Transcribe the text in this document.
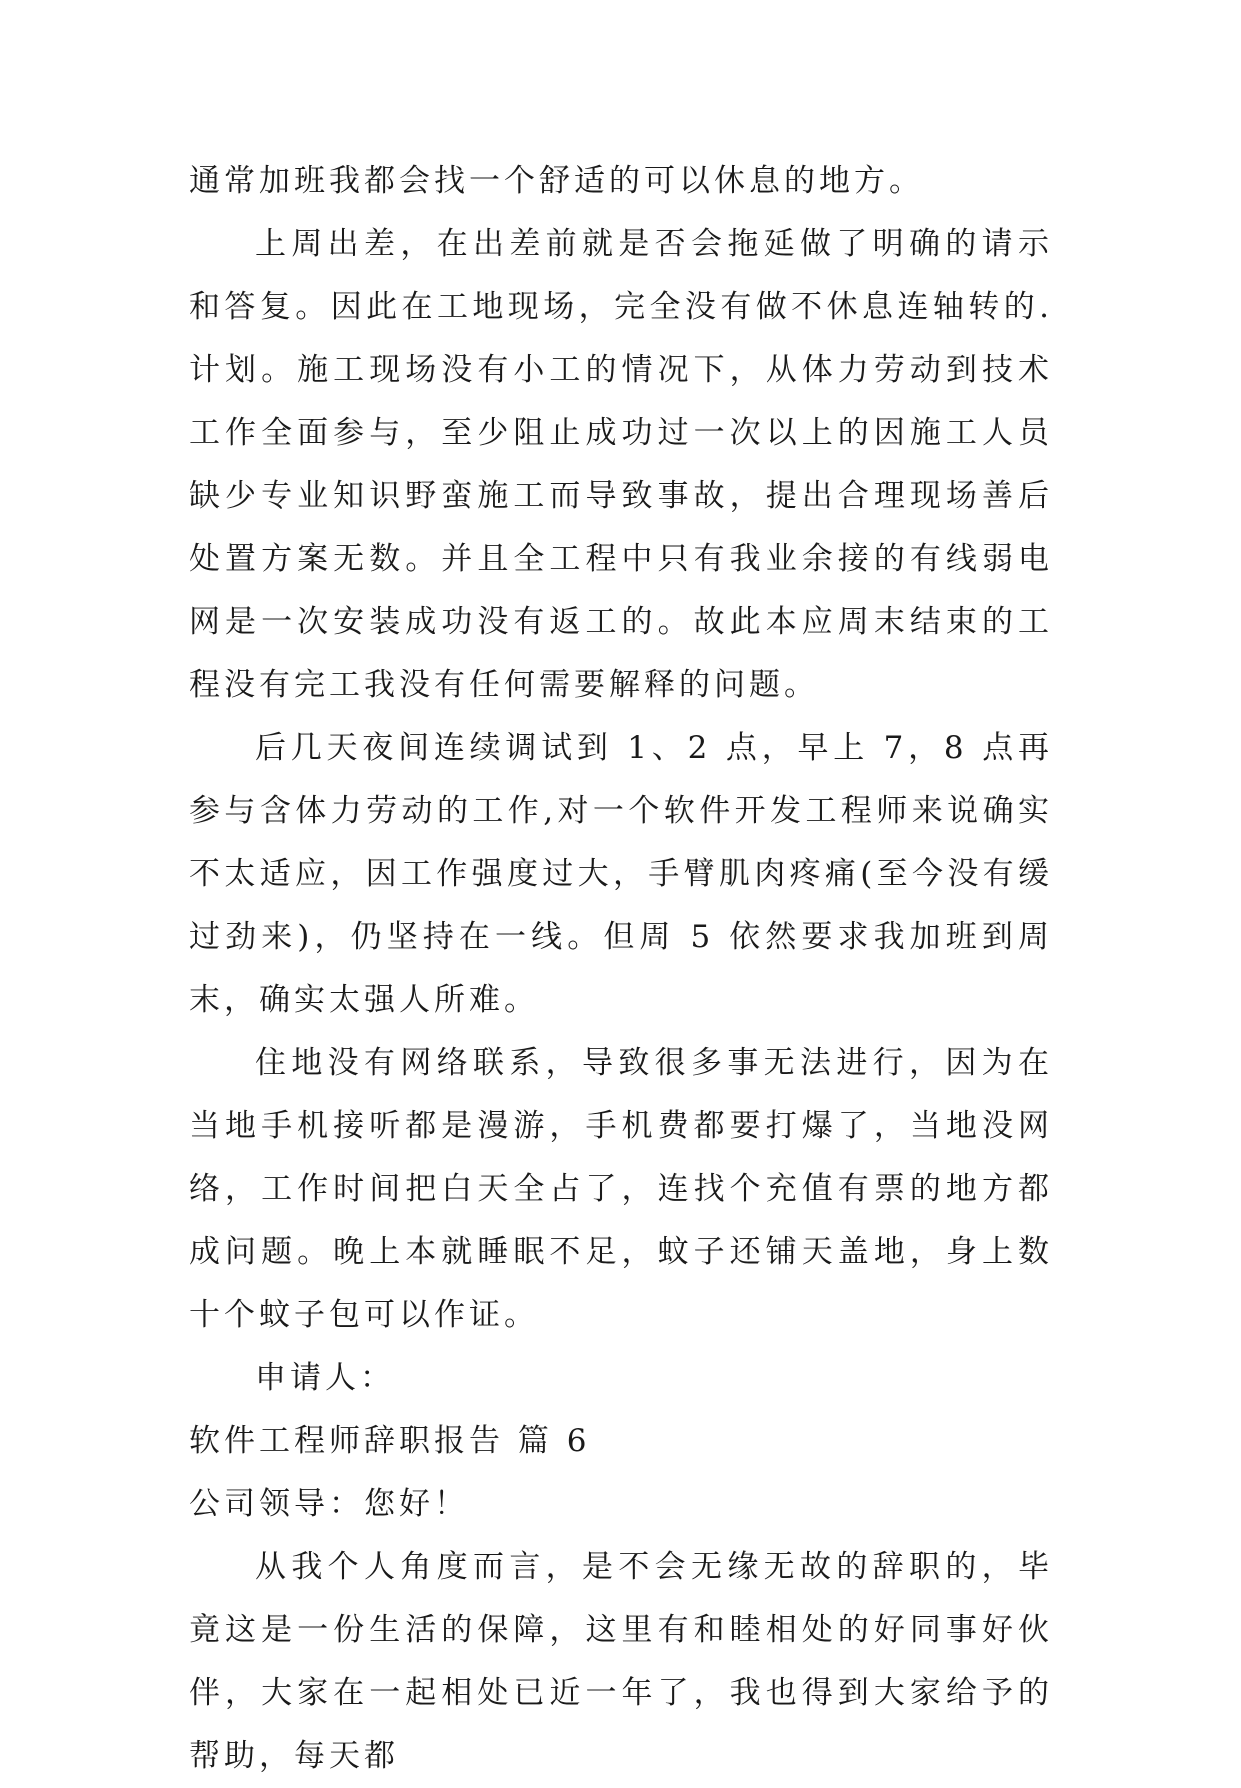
通常加班我都会找一个舒适的可以休息的地方。

上周出差，在出差前就是否会拖延做了明确的请示和答复。因此在工地现场，完全没有做不休息连轴转的.计划。施工现场没有小工的情况下，从体力劳动到技术工作全面参与，至少阻止成功过一次以上的因施工人员缺少专业知识野蛮施工而导致事故，提出合理现场善后处置方案无数。并且全工程中只有我业余接的有线弱电网是一次安装成功没有返工的。故此本应周末结束的工程没有完工我没有任何需要解释的问题。

后几天夜间连续调试到 1、2 点，早上 7，8 点再参与含体力劳动的工作,对一个软件开发工程师来说确实不太适应，因工作强度过大，手臂肌肉疼痛(至今没有缓过劲来)，仍坚持在一线。但周 5 依然要求我加班到周末，确实太强人所难。

住地没有网络联系，导致很多事无法进行，因为在当地手机接听都是漫游，手机费都要打爆了，当地没网络，工作时间把白天全占了，连找个充值有票的地方都成问题。晚上本就睡眠不足，蚊子还铺天盖地，身上数十个蚊子包可以作证。

申请人：

软件工程师辞职报告 篇 6

公司领导：您好！

从我个人角度而言，是不会无缘无故的辞职的，毕竟这是一份生活的保障，这里有和睦相处的好同事好伙伴，大家在一起相处已近一年了，我也得到大家给予的帮助，每天都
